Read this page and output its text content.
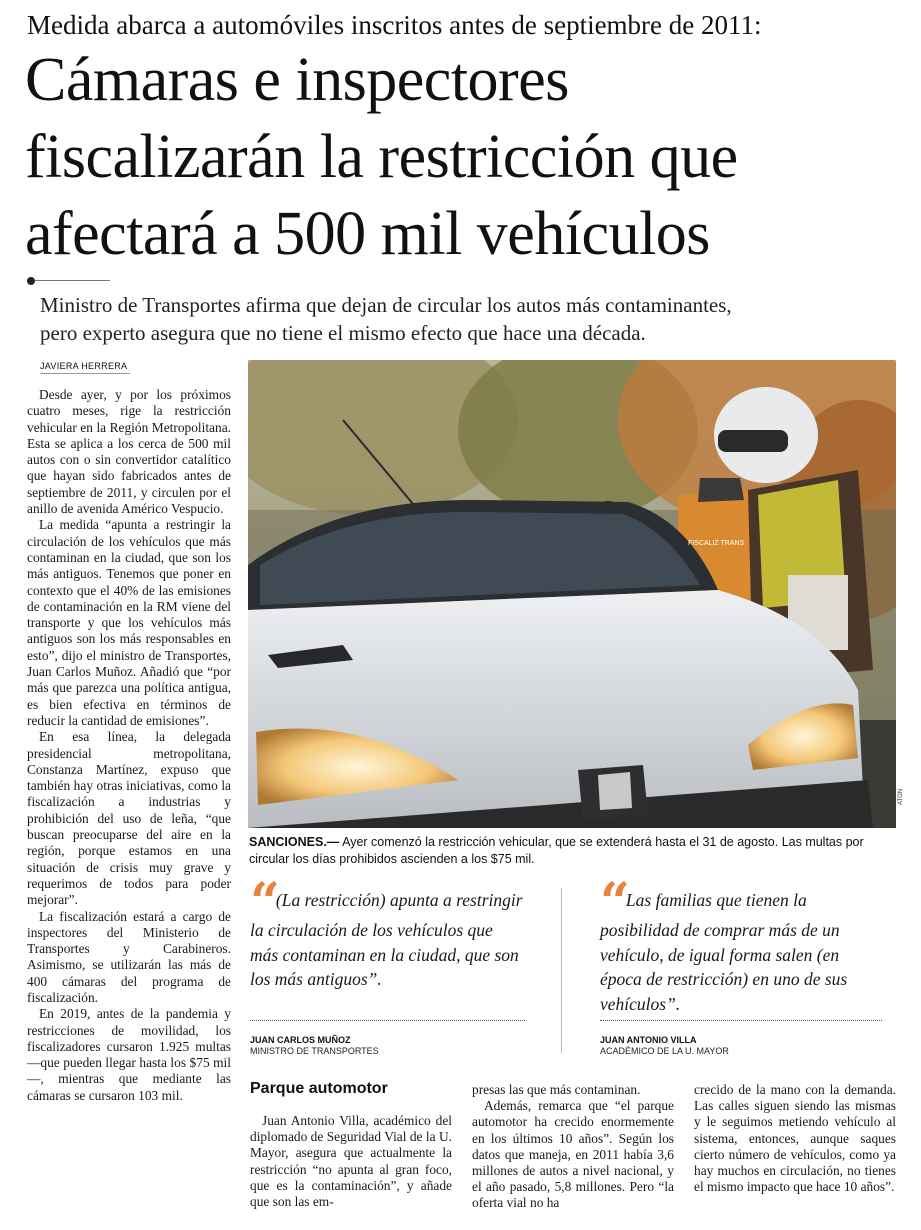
Medida abarca a automóviles inscritos antes de septiembre de 2011:
Cámaras e inspectores
fiscalizarán la restricción que
afectará a 500 mil vehículos
Ministro de Transportes afirma que dejan de circular los autos más contaminantes,
pero experto asegura que no tiene el mismo efecto que hace una década.
JAVIERA HERRERA

Desde ayer, y por los próximos cuatro meses, rige la restricción vehicular en la Región Metropolitana. Esta se aplica a los cerca de 500 mil autos con o sin convertidor catalítico que hayan sido fabricados antes de septiembre de 2011, y circulen por el anillo de avenida Américo Vespucio.

La medida “apunta a restringir la circulación de los vehículos que más contaminan en la ciudad, que son los más antiguos. Tenemos que poner en contexto que el 40% de las emisiones de contaminación en la RM viene del transporte y que los vehículos más antiguos son los más responsables en esto”, dijo el ministro de Transportes, Juan Carlos Muñoz. Añadió que “por más que parezca una política antigua, es bien efectiva en términos de reducir la cantidad de emisiones”.

En esa línea, la delegada presidencial metropolitana, Constanza Martínez, expuso que también hay otras iniciativas, como la fiscalización a industrias y prohibición del uso de leña, “que buscan preocuparse del aire en la región, porque estamos en una situación de crisis muy grave y requerimos de todos para poder mejorar”.

La fiscalización estará a cargo de inspectores del Ministerio de Transportes y Carabineros. Asimismo, se utilizarán las más de 400 cámaras del programa de fiscalización.

En 2019, antes de la pandemia y restricciones de movilidad, los fiscalizadores cursaron 1.925 multas —que pueden llegar hasta los $75 mil—, mientras que mediante las cámaras se cursaron 103 mil.

FISCALIZ TRANS
ATON
SANCIONES.— Ayer comenzó la restricción vehicular, que se extenderá hasta el 31 de agosto. Las multas por circular los días prohibidos ascienden a los $75 mil.
“ (La restricción) apunta a restringir la circulación de los vehículos que más contaminan en la ciudad, que son los más antiguos”.
JUAN CARLOS MUÑOZ
MINISTRO DE TRANSPORTES
“ Las familias que tienen la posibilidad de comprar más de un vehículo, de igual forma salen (en época de restricción) en uno de sus vehículos”.
JUAN ANTONIO VILLA
ACADÉMICO DE LA U. MAYOR
Parque automotor

Juan Antonio Villa, académico del diplomado de Seguridad Vial de la U. Mayor, asegura que actualmente la restricción “no apunta al gran foco, que es la contaminación”, y añade que son las em-

presas las que más contaminan.

Además, remarca que “el parque automotor ha crecido enormemente en los últimos 10 años”. Según los datos que maneja, en 2011 había 3,6 millones de autos a nivel nacional, y el año pasado, 5,8 millones. Pero “la oferta vial no ha

crecido de la mano con la demanda. Las calles siguen siendo las mismas y le seguimos metiendo vehículo al sistema, entonces, aunque saques cierto número de vehículos, como ya hay muchos en circulación, no tienes el mismo impacto que hace 10 años”.
